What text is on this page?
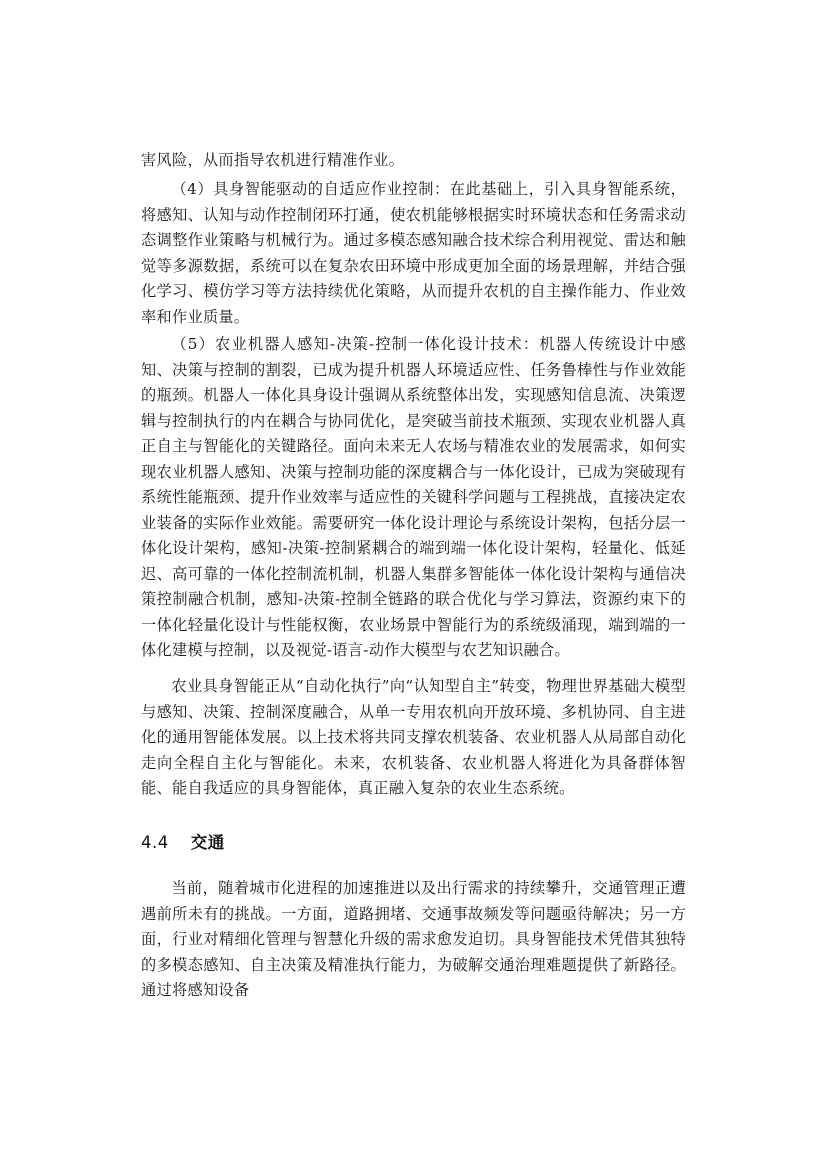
害风险，从而指导农机进行精准作业。

（4）具身智能驱动的自适应作业控制：在此基础上，引入具身智能系统，将感知、认知与动作控制闭环打通，使农机能够根据实时环境状态和任务需求动态调整作业策略与机械行为。通过多模态感知融合技术综合利用视觉、雷达和触觉等多源数据，系统可以在复杂农田环境中形成更加全面的场景理解，并结合强化学习、模仿学习等方法持续优化策略，从而提升农机的自主操作能力、作业效率和作业质量。

（5）农业机器人感知-决策-控制一体化设计技术：机器人传统设计中感知、决策与控制的割裂，已成为提升机器人环境适应性、任务鲁棒性与作业效能的瓶颈。机器人一体化具身设计强调从系统整体出发，实现感知信息流、决策逻辑与控制执行的内在耦合与协同优化，是突破当前技术瓶颈、实现农业机器人真正自主与智能化的关键路径。面向未来无人农场与精准农业的发展需求，如何实现农业机器人感知、决策与控制功能的深度耦合与一体化设计，已成为突破现有系统性能瓶颈、提升作业效率与适应性的关键科学问题与工程挑战，直接决定农业装备的实际作业效能。需要研究一体化设计理论与系统设计架构，包括分层一体化设计架构，感知-决策-控制紧耦合的端到端一体化设计架构，轻量化、低延迟、高可靠的一体化控制流机制，机器人集群多智能体一体化设计架构与通信决策控制融合机制，感知-决策-控制全链路的联合优化与学习算法，资源约束下的一体化轻量化设计与性能权衡，农业场景中智能行为的系统级涌现，端到端的一体化建模与控制，以及视觉-语言-动作大模型与农艺知识融合。

农业具身智能正从“自动化执行”向“认知型自主”转变，物理世界基础大模型与感知、决策、控制深度融合，从单一专用农机向开放环境、多机协同、自主进化的通用智能体发展。以上技术将共同支撑农机装备、农业机器人从局部自动化走向全程自主化与智能化。未来，农机装备、农业机器人将进化为具备群体智能、能自我适应的具身智能体，真正融入复杂的农业生态系统。

4.4 交通

当前，随着城市化进程的加速推进以及出行需求的持续攀升，交通管理正遭遇前所未有的挑战。一方面，道路拥堵、交通事故频发等问题亟待解决；另一方面，行业对精细化管理与智慧化升级的需求愈发迫切。具身智能技术凭借其独特的多模态感知、自主决策及精准执行能力，为破解交通治理难题提供了新路径。通过将感知设备
